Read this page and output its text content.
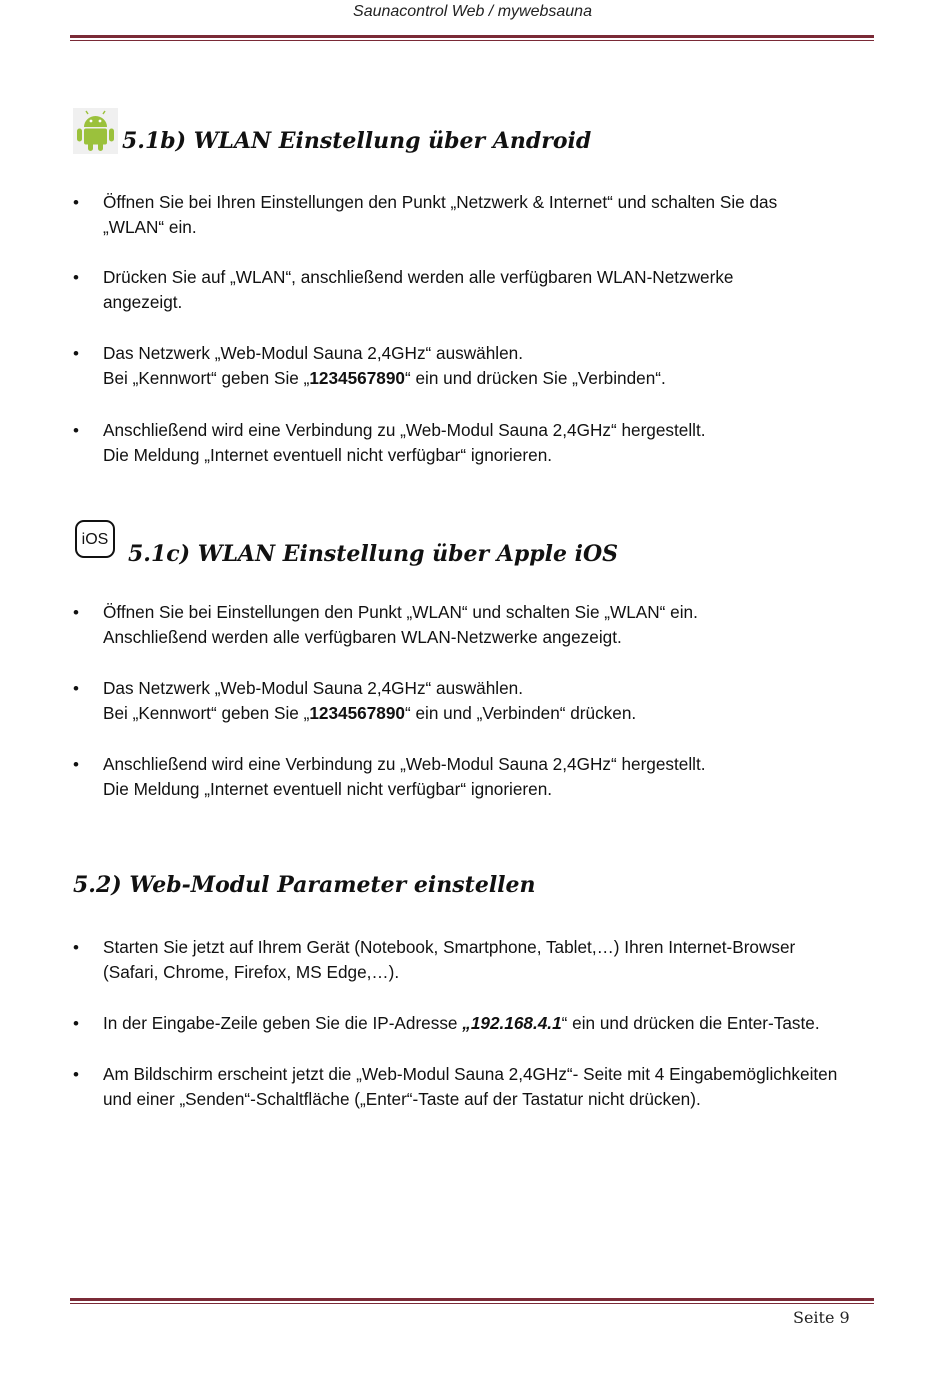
Saunacontrol Web / mywebsauna
5.1b) WLAN Einstellung über Android
•	Öffnen Sie bei Ihren Einstellungen den Punkt „Netzwerk & Internet“ und schalten Sie das
„WLAN“ ein.
•	Drücken Sie auf „WLAN“, anschließend werden alle verfügbaren WLAN-Netzwerke
angezeigt.
•	Das Netzwerk „Web-Modul Sauna 2,4GHz“ auswählen.
Bei „Kennwort“ geben Sie „1234567890“ ein und drücken Sie „Verbinden“.
•	Anschließend wird eine Verbindung zu „Web-Modul Sauna 2,4GHz“ hergestellt.
Die Meldung „Internet eventuell nicht verfügbar“ ignorieren.
iOS
5.1c) WLAN Einstellung über Apple iOS
•	Öffnen Sie bei Einstellungen den Punkt „WLAN“ und schalten Sie „WLAN“ ein.
Anschließend werden alle verfügbaren WLAN-Netzwerke angezeigt.
•	Das Netzwerk „Web-Modul Sauna 2,4GHz“ auswählen.
Bei „Kennwort“ geben Sie „1234567890“ ein und „Verbinden“ drücken.
•	Anschließend wird eine Verbindung zu „Web-Modul Sauna 2,4GHz“ hergestellt.
Die Meldung „Internet eventuell nicht verfügbar“ ignorieren.
5.2) Web-Modul Parameter einstellen
•	Starten Sie jetzt auf Ihrem Gerät (Notebook, Smartphone, Tablet,…) Ihren Internet-Browser
(Safari, Chrome, Firefox, MS Edge,…).
•	In der Eingabe-Zeile geben Sie die IP-Adresse „192.168.4.1“ ein und drücken die Enter-Taste.
•	Am Bildschirm erscheint jetzt die „Web-Modul Sauna 2,4GHz“- Seite mit 4 Eingabemöglichkeiten
und einer „Senden“-Schaltfläche („Enter“-Taste auf der Tastatur nicht drücken).
Seite 9
